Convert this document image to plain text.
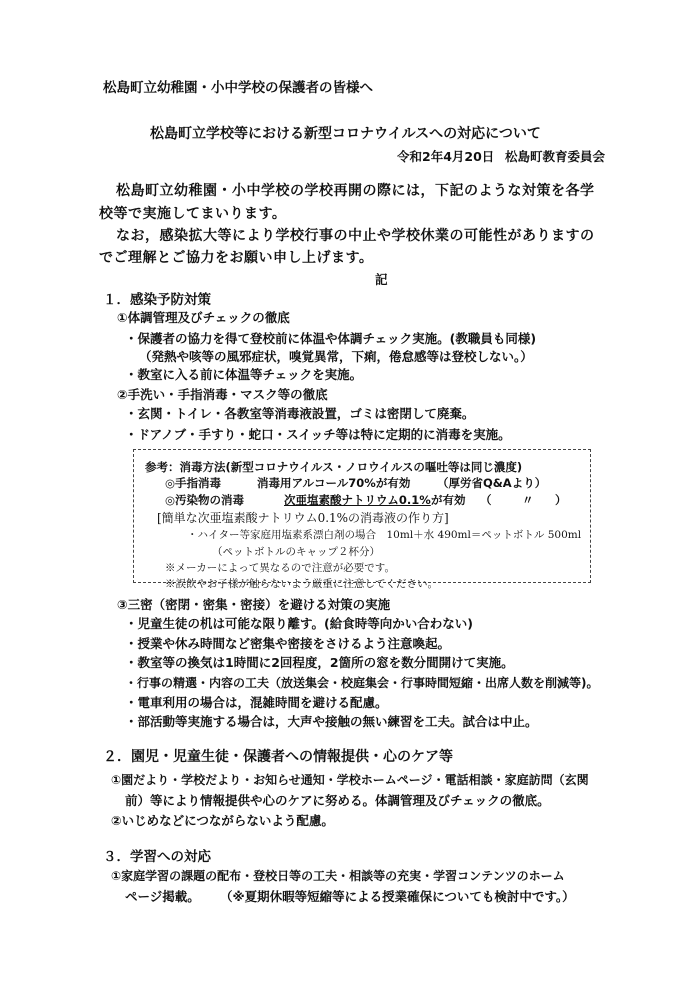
松島町立幼稚園・小中学校の保護者の皆様へ
松島町立学校等における新型コロナウイルスへの対応について
令和2年4月20日 松島町教育委員会
松島町立幼稚園・小中学校の学校再開の際には，下記のような対策を各学
校等で実施してまいります。
なお，感染拡大等により学校行事の中止や学校休業の可能性がありますの
でご理解とご協力をお願い申し上げます。
記
１．感染予防対策
①体調管理及びチェックの徹底
・保護者の協力を得て登校前に体温や体調チェック実施。(教職員も同様)
（発熱や咳等の風邪症状，嗅覚異常，下痢，倦怠感等は登校しない。）
・教室に入る前に体温等チェックを実施。
②手洗い・手指消毒・マスク等の徹底
・玄関・トイレ・各教室等消毒液設置，ゴミは密閉して廃棄。
・ドアノブ・手すり・蛇口・スイッチ等は特に定期的に消毒を実施。
参考：消毒方法(新型コロナウイルス・ノロウイルスの嘔吐等は同じ濃度)
◎手指消毒	消毒用アルコール70%が有効 （厚労省Q&Aより）
◎汚染物の消毒	次亜塩素酸ナトリウム0.1% が有効 （	〃 ）
[簡単な次亜塩素酸ナトリウム0.1%の消毒液の作り方]
・ハイター等家庭用塩素系漂白剤の場合　10ml＋水 490ml＝ペットボトル 500ml
（ペットボトルのキャップ２杯分）
※メーカーによって異なるので注意が必要です。
※誤飲やお子様が触らないよう厳重に注意してください。
③三密（密閉・密集・密接）を避ける対策の実施
・児童生徒の机は可能な限り離す。(給食時等向かい合わない)
・授業や休み時間など密集や密接をさけるよう注意喚起。
・教室等の換気は1時間に2回程度，2箇所の窓を数分間開けて実施。
・行事の精選・内容の工夫（放送集会・校庭集会・行事時間短縮・出席人数を削減等)。
・電車利用の場合は，混雑時間を避ける配慮。
・部活動等実施する場合は，大声や接触の無い練習を工夫。試合は中止。
２．園児・児童生徒・保護者への情報提供・心のケア等
①園だより・学校だより・お知らせ通知・学校ホームページ・電話相談・家庭訪問（玄関
前）等により情報提供や心のケアに努める。体調管理及びチェックの徹底。
②いじめなどにつながらないよう配慮。
３．学習への対応
①家庭学習の課題の配布・登校日等の工夫・相談等の充実・学習コンテンツのホーム
ページ掲載。 （※夏期休暇等短縮等による授業確保についても検討中です。）
